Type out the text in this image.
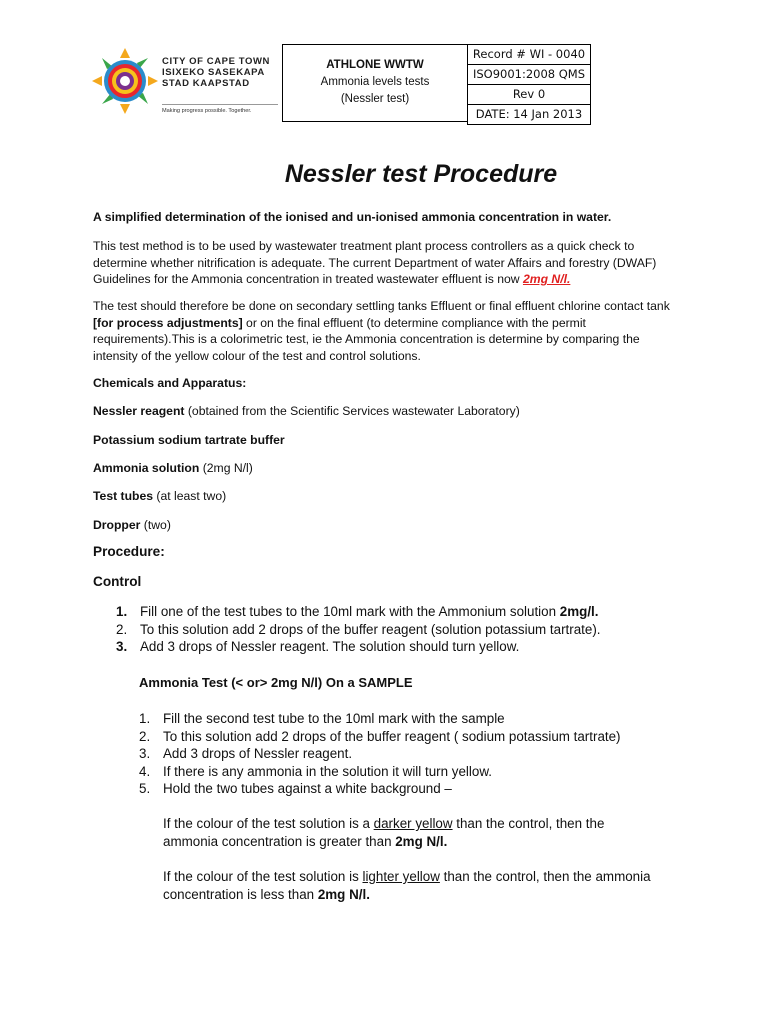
CITY OF CAPE TOWN
ISIXEKO SASEKAPA
STAD KAAPSTAD
Making progress possible. Together.
ATHLONE WWTW
Ammonia levels tests
(Nessler test)
Record # WI - 0040
ISO9001:2008 QMS
Rev 0
DATE: 14 Jan 2013
Nessler test Procedure

A simplified determination of the ionised and un-ionised ammonia concentration in water.

This test method is to be used by wastewater treatment plant process controllers as a quick check to determine whether nitrification is adequate. The current Department of water Affairs and forestry (DWAF) Guidelines for the Ammonia concentration in treated wastewater effluent is now 2mg N/l.

The test should therefore be done on secondary settling tanks Effluent or final effluent chlorine contact tank [for process adjustments] or on the final effluent (to determine compliance with the permit requirements).This is a colorimetric test, ie the Ammonia concentration is determine by comparing the intensity of the yellow colour of the test and control solutions.

Chemicals and Apparatus:

Nessler reagent (obtained from the Scientific Services wastewater Laboratory)

Potassium sodium tartrate buffer

Ammonia solution (2mg N/l)

Test tubes (at least two)

Dropper (two)

Procedure:

Control

1. Fill one of the test tubes to the 10ml mark with the Ammonium solution 2mg/l.
2. To this solution add 2 drops of the buffer reagent (solution potassium tartrate).
3. Add 3 drops of Nessler reagent. The solution should turn yellow.

Ammonia Test (< or> 2mg N/l) On a SAMPLE

1. Fill the second test tube to the 10ml mark with the sample
2. To this solution add 2 drops of the buffer reagent ( sodium potassium tartrate)
3. Add 3 drops of Nessler reagent.
4. If there is any ammonia in the solution it will turn yellow.
5. Hold the two tubes against a white background –

If the colour of the test solution is a darker yellow than the control, then the ammonia concentration is greater than 2mg N/l.

If the colour of the test solution is lighter yellow than the control, then the ammonia concentration is less than 2mg N/l.
